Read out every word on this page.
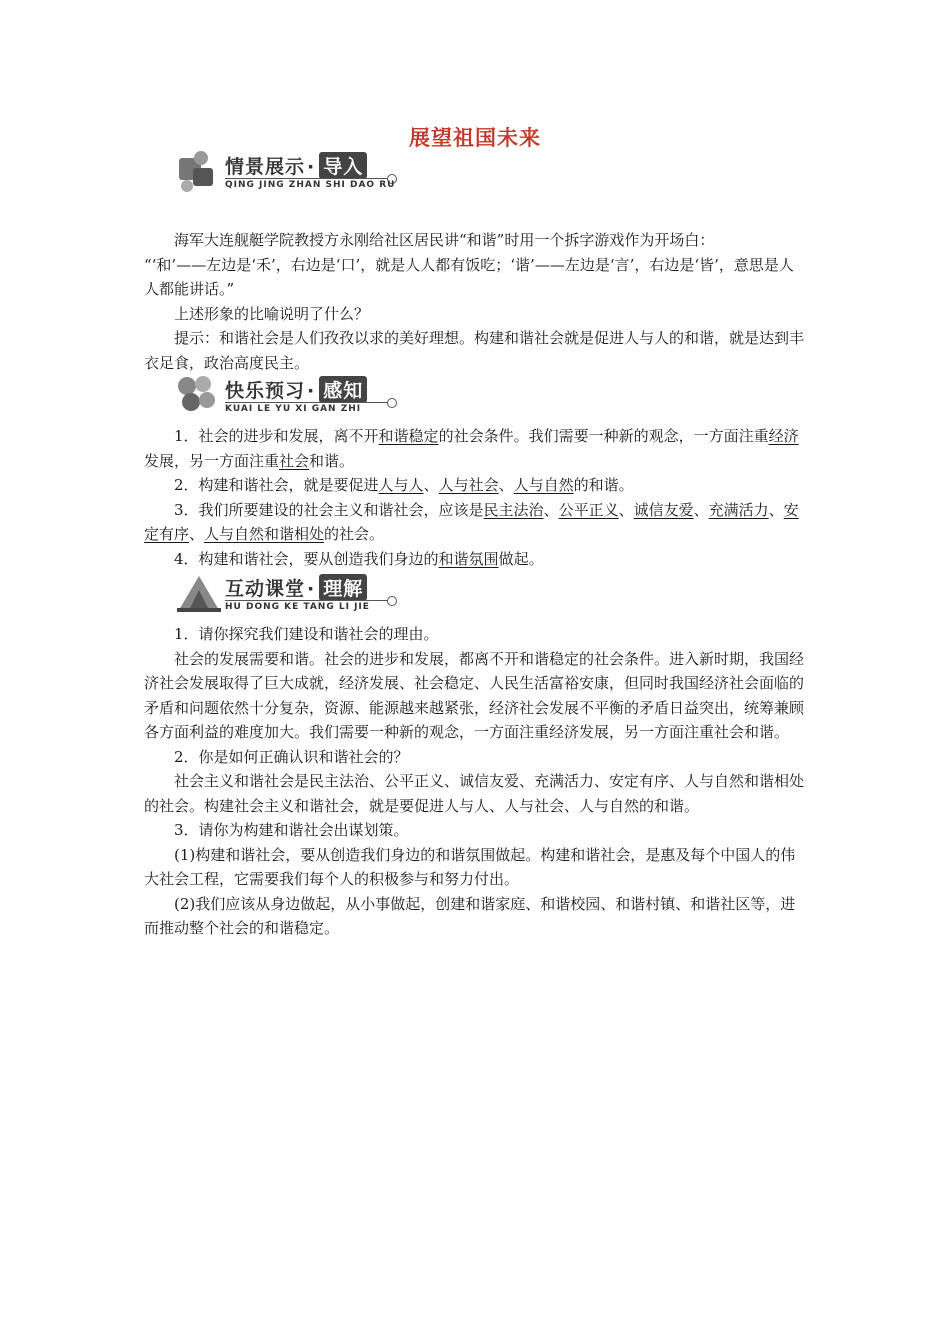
展望祖国未来
情景展示 · 导入
QING JING ZHAN SHI DAO RU

海军大连舰艇学院教授方永刚给社区居民讲“和谐”时用一个拆字游戏作为开场白：

“‘和’——左边是‘禾’，右边是‘口’，就是人人都有饭吃；‘谐’——左边是‘言’，右边是‘皆’，意思是人人都能讲话。”

上述形象的比喻说明了什么？

提示：和谐社会是人们孜孜以求的美好理想。构建和谐社会就是促进人与人的和谐，就是达到丰衣足食，政治高度民主。

快乐预习 · 感知
KUAI LE YU XI GAN ZHI

1．社会的进步和发展，离不开和谐稳定的社会条件。我们需要一种新的观念，一方面注重经济发展，另一方面注重社会和谐。

2．构建和谐社会，就是要促进人与人、人与社会、人与自然的和谐。

3．我们所要建设的社会主义和谐社会，应该是民主法治、公平正义、诚信友爱、充满活力、安定有序、人与自然和谐相处的社会。

4．构建和谐社会，要从创造我们身边的和谐氛围做起。

互动课堂 · 理解
HU DONG KE TANG LI JIE

1．请你探究我们建设和谐社会的理由。

社会的发展需要和谐。社会的进步和发展，都离不开和谐稳定的社会条件。进入新时期，我国经济社会发展取得了巨大成就，经济发展、社会稳定、人民生活富裕安康，但同时我国经济社会面临的矛盾和问题依然十分复杂，资源、能源越来越紧张，经济社会发展不平衡的矛盾日益突出，统筹兼顾各方面利益的难度加大。我们需要一种新的观念，一方面注重经济发展，另一方面注重社会和谐。

2．你是如何正确认识和谐社会的？

社会主义和谐社会是民主法治、公平正义、诚信友爱、充满活力、安定有序、人与自然和谐相处的社会。构建社会主义和谐社会，就是要促进人与人、人与社会、人与自然的和谐。

3．请你为构建和谐社会出谋划策。

(1)构建和谐社会，要从创造我们身边的和谐氛围做起。构建和谐社会，是惠及每个中国人的伟大社会工程，它需要我们每个人的积极参与和努力付出。

(2)我们应该从身边做起，从小事做起，创建和谐家庭、和谐校园、和谐村镇、和谐社区等，进而推动整个社会的和谐稳定。
